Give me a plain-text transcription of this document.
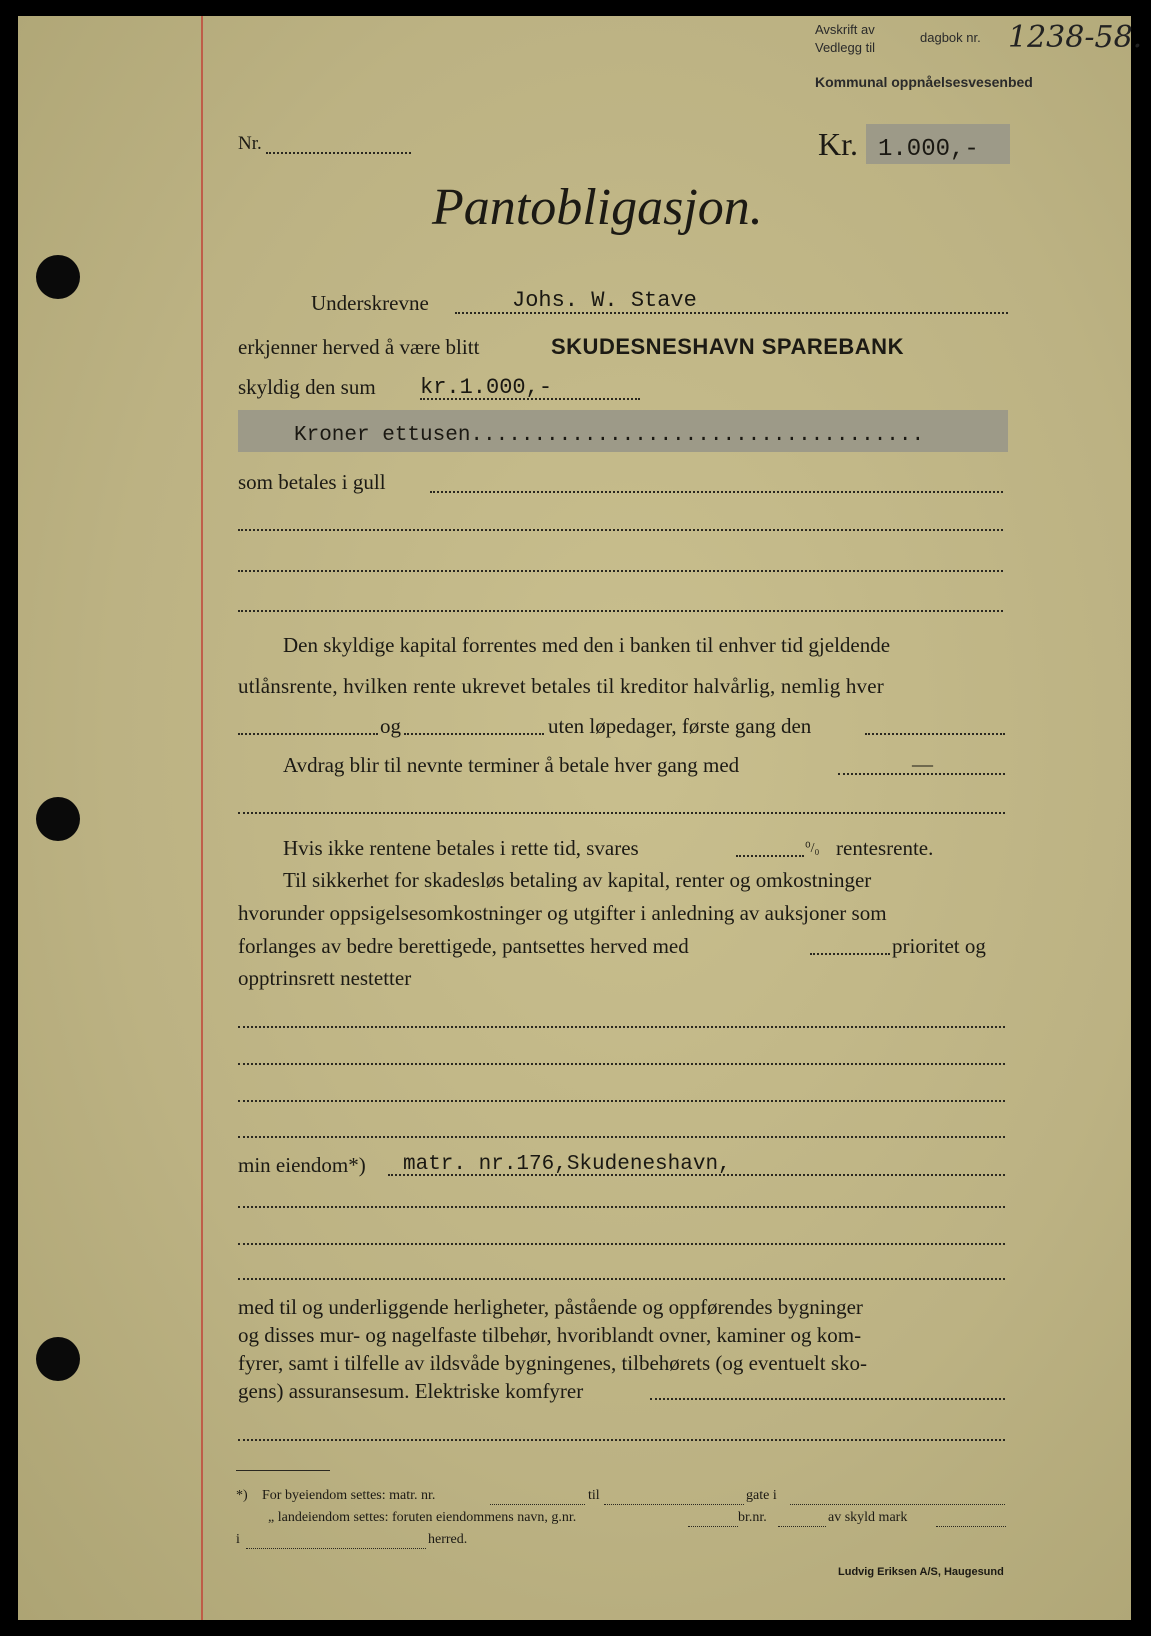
Avskrift av
Vedlegg til
dagbok nr. 1238-58.
Kommunal oppnåelsesvesenbed
Nr.	Kr. 1.000,-
Pantobligasjon.
Underskrevne	Johs. W. Stave
erkjenner herved å være blitt	SKUDESNESHAVN SPAREBANK
skyldig den sum kr.1.000,-
Kroner ettusen....................................
som betales i gull
Den skyldige kapital forrentes med den i banken til enhver tid gjeldende
utlånsrente, hvilken rente ukrevet betales til kreditor halvårlig, nemlig hver
og	uten løpedager, første gang den
Avdrag blir til nevnte terminer å betale hver gang med	—
Hvis ikke rentene betales i rette tid, svares	⁰/₀ rentesrente.
Til sikkerhet for skadesløs betaling av kapital, renter og omkostninger
hvorunder oppsigelsesomkostninger og utgifter i anledning av auksjoner som
forlanges av bedre berettigede, pantsettes herved med	prioritet og
opptrinsrett nestetter
min eiendom*) matr. nr.176,Skudeneshavn,
med til og underliggende herligheter, påstående og oppførendes bygninger
og disses mur- og nagelfaste tilbehør, hvoriblandt ovner, kaminer og kom-
fyrer, samt i tilfelle av ildsvåde bygningenes, tilbehørets (og eventuelt sko-
gens) assuransesum. Elektriske komfyrer
*) For byeiendom settes: matr. nr.	til	gate i
„ landeiendom settes: foruten eiendommens navn, g.nr.	br.nr.	av skyld mark
i	herred.
Ludvig Eriksen A/S, Haugesund
